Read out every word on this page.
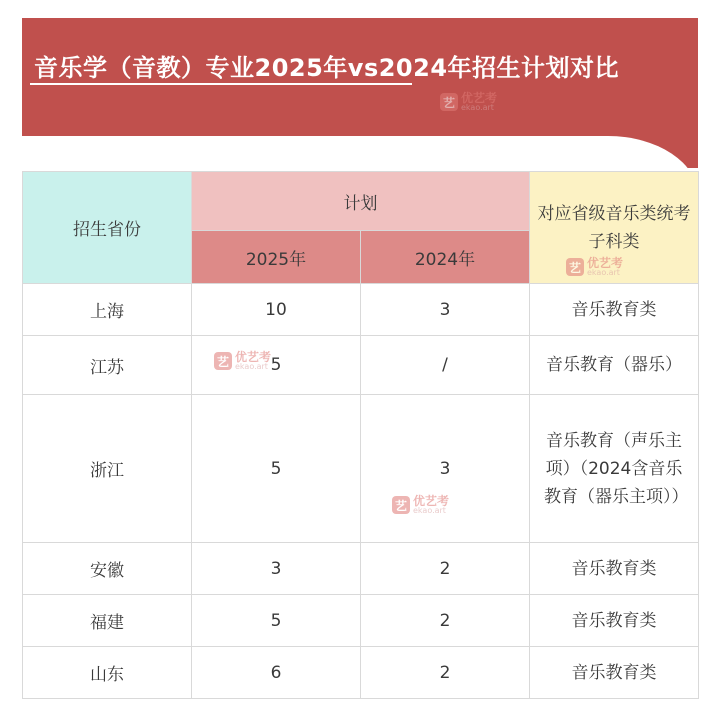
音乐学（音教）专业2025年vs2024年招生计划对比
艺 优艺考
ekao.art
招生省份	计划		对应省级音乐类统考子科类
	2025年	2024年	
上海	10	3	音乐教育类
江苏	5	/	音乐教育（器乐）
浙江	5	3	音乐教育（声乐主项）（2024含音乐教育（器乐主项））
安徽	3	2	音乐教育类
福建	5	2	音乐教育类
山东	6	2	音乐教育类
艺 优艺考
ekao.art
艺 优艺考
ekao.art
艺 优艺考
ekao.art
